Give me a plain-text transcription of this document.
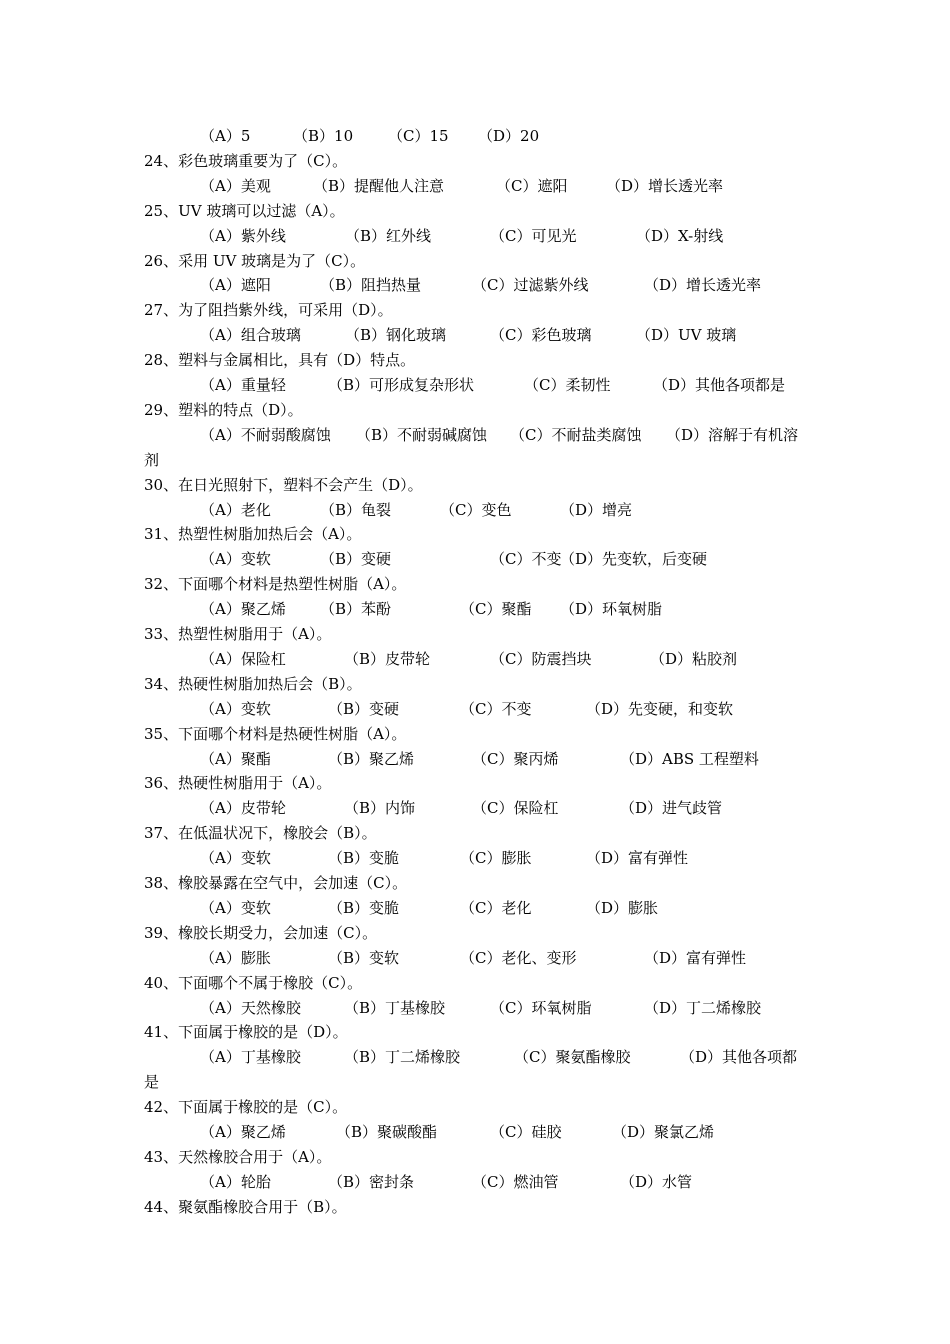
（A）5	（B）10 （C）15 （D）20
24、彩色玻璃重要为了（C）。
（A）美观	（B）提醒他人注意	（C）遮阳	（D）增长透光率
25、UV 玻璃可以过滤（A）。
（A）紫外线	（B）红外线	（C）可见光	（D）X-射线
26、采用 UV 玻璃是为了（C）。
（A）遮阳	（B）阻挡热量	（C）过滤紫外线	（D）增长透光率
27、为了阻挡紫外线，可采用（D）。
（A）组合玻璃	（B）钢化玻璃	（C）彩色玻璃	（D）UV 玻璃
28、塑料与金属相比，具有（D）特点。
（A）重量轻	（B）可形成复杂形状	（C）柔韧性	（D）其他各项都是
29、塑料的特点（D）。
（A）不耐弱酸腐蚀 （B）不耐弱碱腐蚀 （C）不耐盐类腐蚀 （D）溶解于有机溶
剂
30、在日光照射下，塑料不会产生（D）。
（A）老化	（B）龟裂	（C）变色	（D）增亮
31、热塑性树脂加热后会（A）。
（A）变软	（B）变硬	（C）不变
（D）先变软，后变硬
32、下面哪个材料是热塑性树脂（A）。
（A）聚乙烯 （B）苯酚	（C）聚酯 （D）环氧树脂
33、热塑性树脂用于（A）。
（A）保险杠	（B）皮带轮	（C）防震挡块	（D）粘胶剂
34、热硬性树脂加热后会（B）。
（A）变软	（B）变硬	（C）不变	（D）先变硬，和变软
35、下面哪个材料是热硬性树脂（A）。
（A）聚酯	（B）聚乙烯	（C）聚丙烯	（D）ABS 工程塑料
36、热硬性树脂用于（A）。
（A）皮带轮	（B）内饰	（C）保险杠	（D）进气歧管
37、在低温状况下，橡胶会（B）。
（A）变软	（B）变脆	（C）膨胀	（D）富有弹性
38、橡胶暴露在空气中，会加速（C）。
（A）变软	（B）变脆	（C）老化	（D）膨胀
39、橡胶长期受力，会加速（C）。
（A）膨胀	（B）变软	（C）老化、变形	（D）富有弹性
40、下面哪个不属于橡胶（C）。
（A）天然橡胶	（B）丁基橡胶	（C）环氧树脂	（D）丁二烯橡胶
41、下面属于橡胶的是（D）。
（A）丁基橡胶	（B）丁二烯橡胶	（C）聚氨酯橡胶	（D）其他各项都
是
42、下面属于橡胶的是（C）。
（A）聚乙烯	（B）聚碳酸酯	（C）硅胶	（D）聚氯乙烯
43、天然橡胶合用于（A）。
（A）轮胎	（B）密封条	（C）燃油管	（D）水管
44、聚氨酯橡胶合用于（B）。
